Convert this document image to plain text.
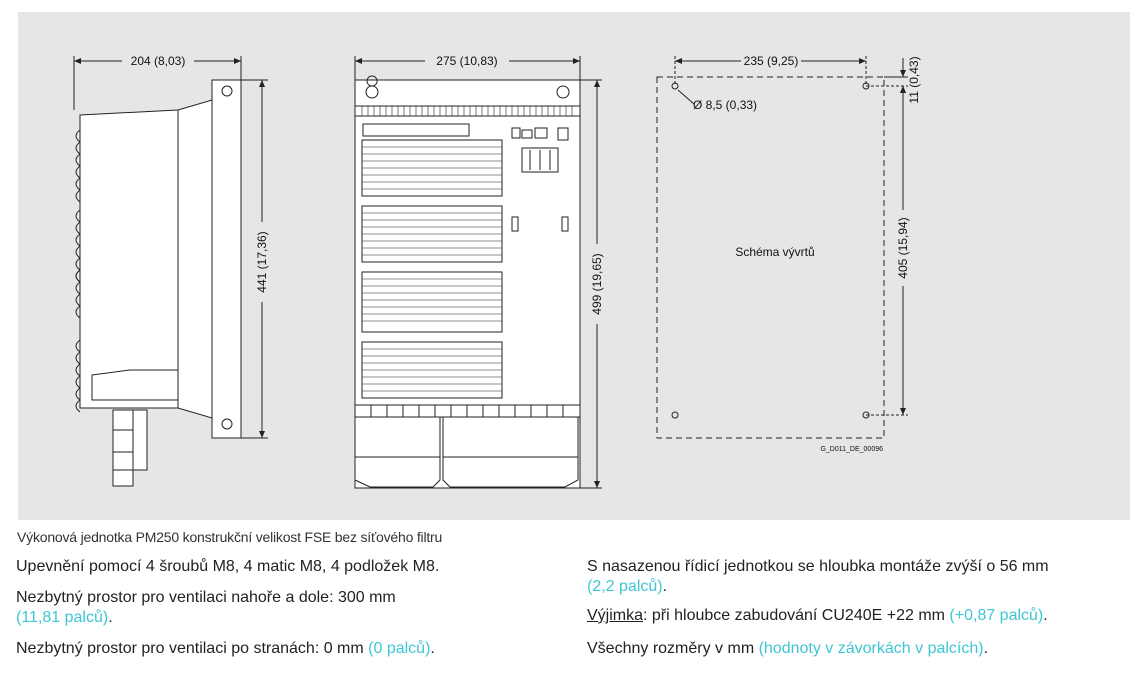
204 (8,03)
441 (17,36)
275 (10,83)
499 (19,65)
235 (9,25)
Ø 8,5 (0,33)
11 (0,43)
405 (15,94)
Schéma vývrtů
G_D011_DE_00096
Výkonová jednotka PM250 konstrukční velikost FSE bez síťového filtru
Upevnění pomocí 4 šroubů M8, 4 matic M8, 4 podložek M8.
Nezbytný prostor pro ventilaci nahoře a dole: 300 mm
(11,81 palců).
Nezbytný prostor pro ventilaci po stranách: 0 mm (0 palců).
S nasazenou řídicí jednotkou se hloubka montáže zvýší o 56 mm
(2,2 palců).
Výjimka: při hloubce zabudování CU240E +22 mm (+0,87 palců).
Všechny rozměry v mm (hodnoty v závorkách v palcích).
